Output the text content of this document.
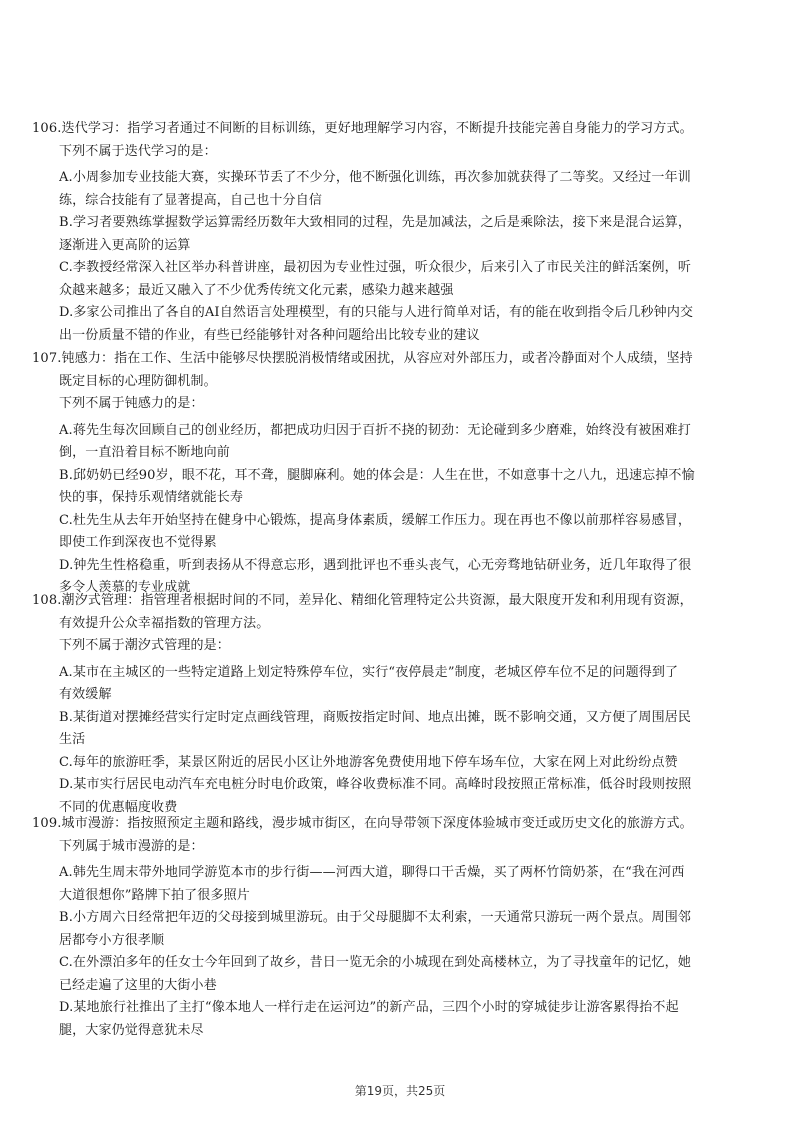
106.迭代学习：指学习者通过不间断的目标训练，更好地理解学习内容，不断提升技能完善自身能力的学习方式。
下列不属于迭代学习的是：
A.小周参加专业技能大赛，实操环节丢了不少分，他不断强化训练，再次参加就获得了二等奖。又经过一年训
练，综合技能有了显著提高，自己也十分自信
B.学习者要熟练掌握数学运算需经历数年大致相同的过程，先是加减法，之后是乘除法，接下来是混合运算，
逐渐进入更高阶的运算
C.李教授经常深入社区举办科普讲座，最初因为专业性过强，听众很少，后来引入了市民关注的鲜活案例，听
众越来越多；最近又融入了不少优秀传统文化元素，感染力越来越强
D.多家公司推出了各自的AI自然语言处理模型，有的只能与人进行简单对话，有的能在收到指令后几秒钟内交
出一份质量不错的作业，有些已经能够针对各种问题给出比较专业的建议
107.钝感力：指在工作、生活中能够尽快摆脱消极情绪或困扰，从容应对外部压力，或者冷静面对个人成绩，坚持
既定目标的心理防御机制。
下列不属于钝感力的是：
A.蒋先生每次回顾自己的创业经历，都把成功归因于百折不挠的韧劲：无论碰到多少磨难，始终没有被困难打
倒，一直沿着目标不断地向前
B.邱奶奶已经90岁，眼不花，耳不聋，腿脚麻利。她的体会是：人生在世，不如意事十之八九，迅速忘掉不愉
快的事，保持乐观情绪就能长寿
C.杜先生从去年开始坚持在健身中心锻炼，提高身体素质，缓解工作压力。现在再也不像以前那样容易感冒，
即使工作到深夜也不觉得累
D.钟先生性格稳重，听到表扬从不得意忘形，遇到批评也不垂头丧气，心无旁骛地钻研业务，近几年取得了很
多令人羡慕的专业成就
108.潮汐式管理：指管理者根据时间的不同，差异化、精细化管理特定公共资源，最大限度开发和利用现有资源，
有效提升公众幸福指数的管理方法。
下列不属于潮汐式管理的是：
A.某市在主城区的一些特定道路上划定特殊停车位，实行“夜停晨走”制度，老城区停车位不足的问题得到了
有效缓解
B.某街道对摆摊经营实行定时定点画线管理，商贩按指定时间、地点出摊，既不影响交通，又方便了周围居民
生活
C.每年的旅游旺季，某景区附近的居民小区让外地游客免费使用地下停车场车位，大家在网上对此纷纷点赞
D.某市实行居民电动汽车充电桩分时电价政策，峰谷收费标准不同。高峰时段按照正常标准，低谷时段则按照
不同的优惠幅度收费
109.城市漫游：指按照预定主题和路线，漫步城市街区，在向导带领下深度体验城市变迁或历史文化的旅游方式。
下列属于城市漫游的是：
A.韩先生周末带外地同学游览本市的步行街——河西大道，聊得口干舌燥，买了两杯竹筒奶茶，在“我在河西
大道很想你”路牌下拍了很多照片
B.小方周六日经常把年迈的父母接到城里游玩。由于父母腿脚不太利索，一天通常只游玩一两个景点。周围邻
居都夸小方很孝顺
C.在外漂泊多年的任女士今年回到了故乡，昔日一览无余的小城现在到处高楼林立，为了寻找童年的记忆，她
已经走遍了这里的大街小巷
D.某地旅行社推出了主打“像本地人一样行走在运河边”的新产品，三四个小时的穿城徒步让游客累得抬不起
腿，大家仍觉得意犹未尽
第19页，共25页
